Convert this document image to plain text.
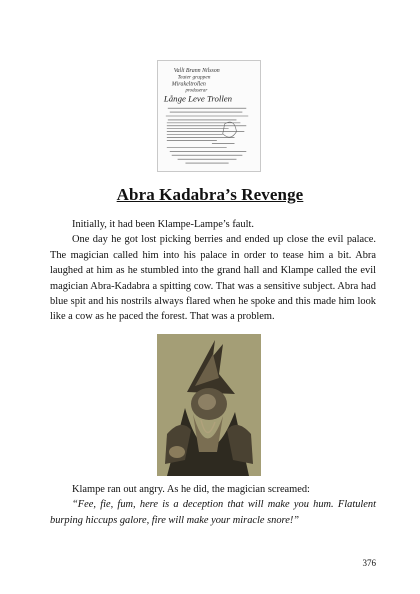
Valli Brann Nilsson
Teater gruppen
Mirakeltrollen
produserar
Långe Leve Trollen
Abra Kadabra’s Revenge

Initially, it had been Klampe-Lampe’s fault.

One day he got lost picking berries and ended up close the evil palace. The magician called him into his palace in order to tease him a bit. Abra laughed at him as he stumbled into the grand hall and Klampe called the evil magician Abra-Kadabra a spitting cow. That was a sensitive subject. Abra had blue spit and his nostrils always flared when he spoke and this made him look like a cow as he paced the forest. That was a problem.

Klampe ran out angry. As he did, the magician screamed:

“Fee, fie, fum, here is a deception that will make you hum. Flatulent burping hiccups galore, fire will make your miracle snore!”

376
